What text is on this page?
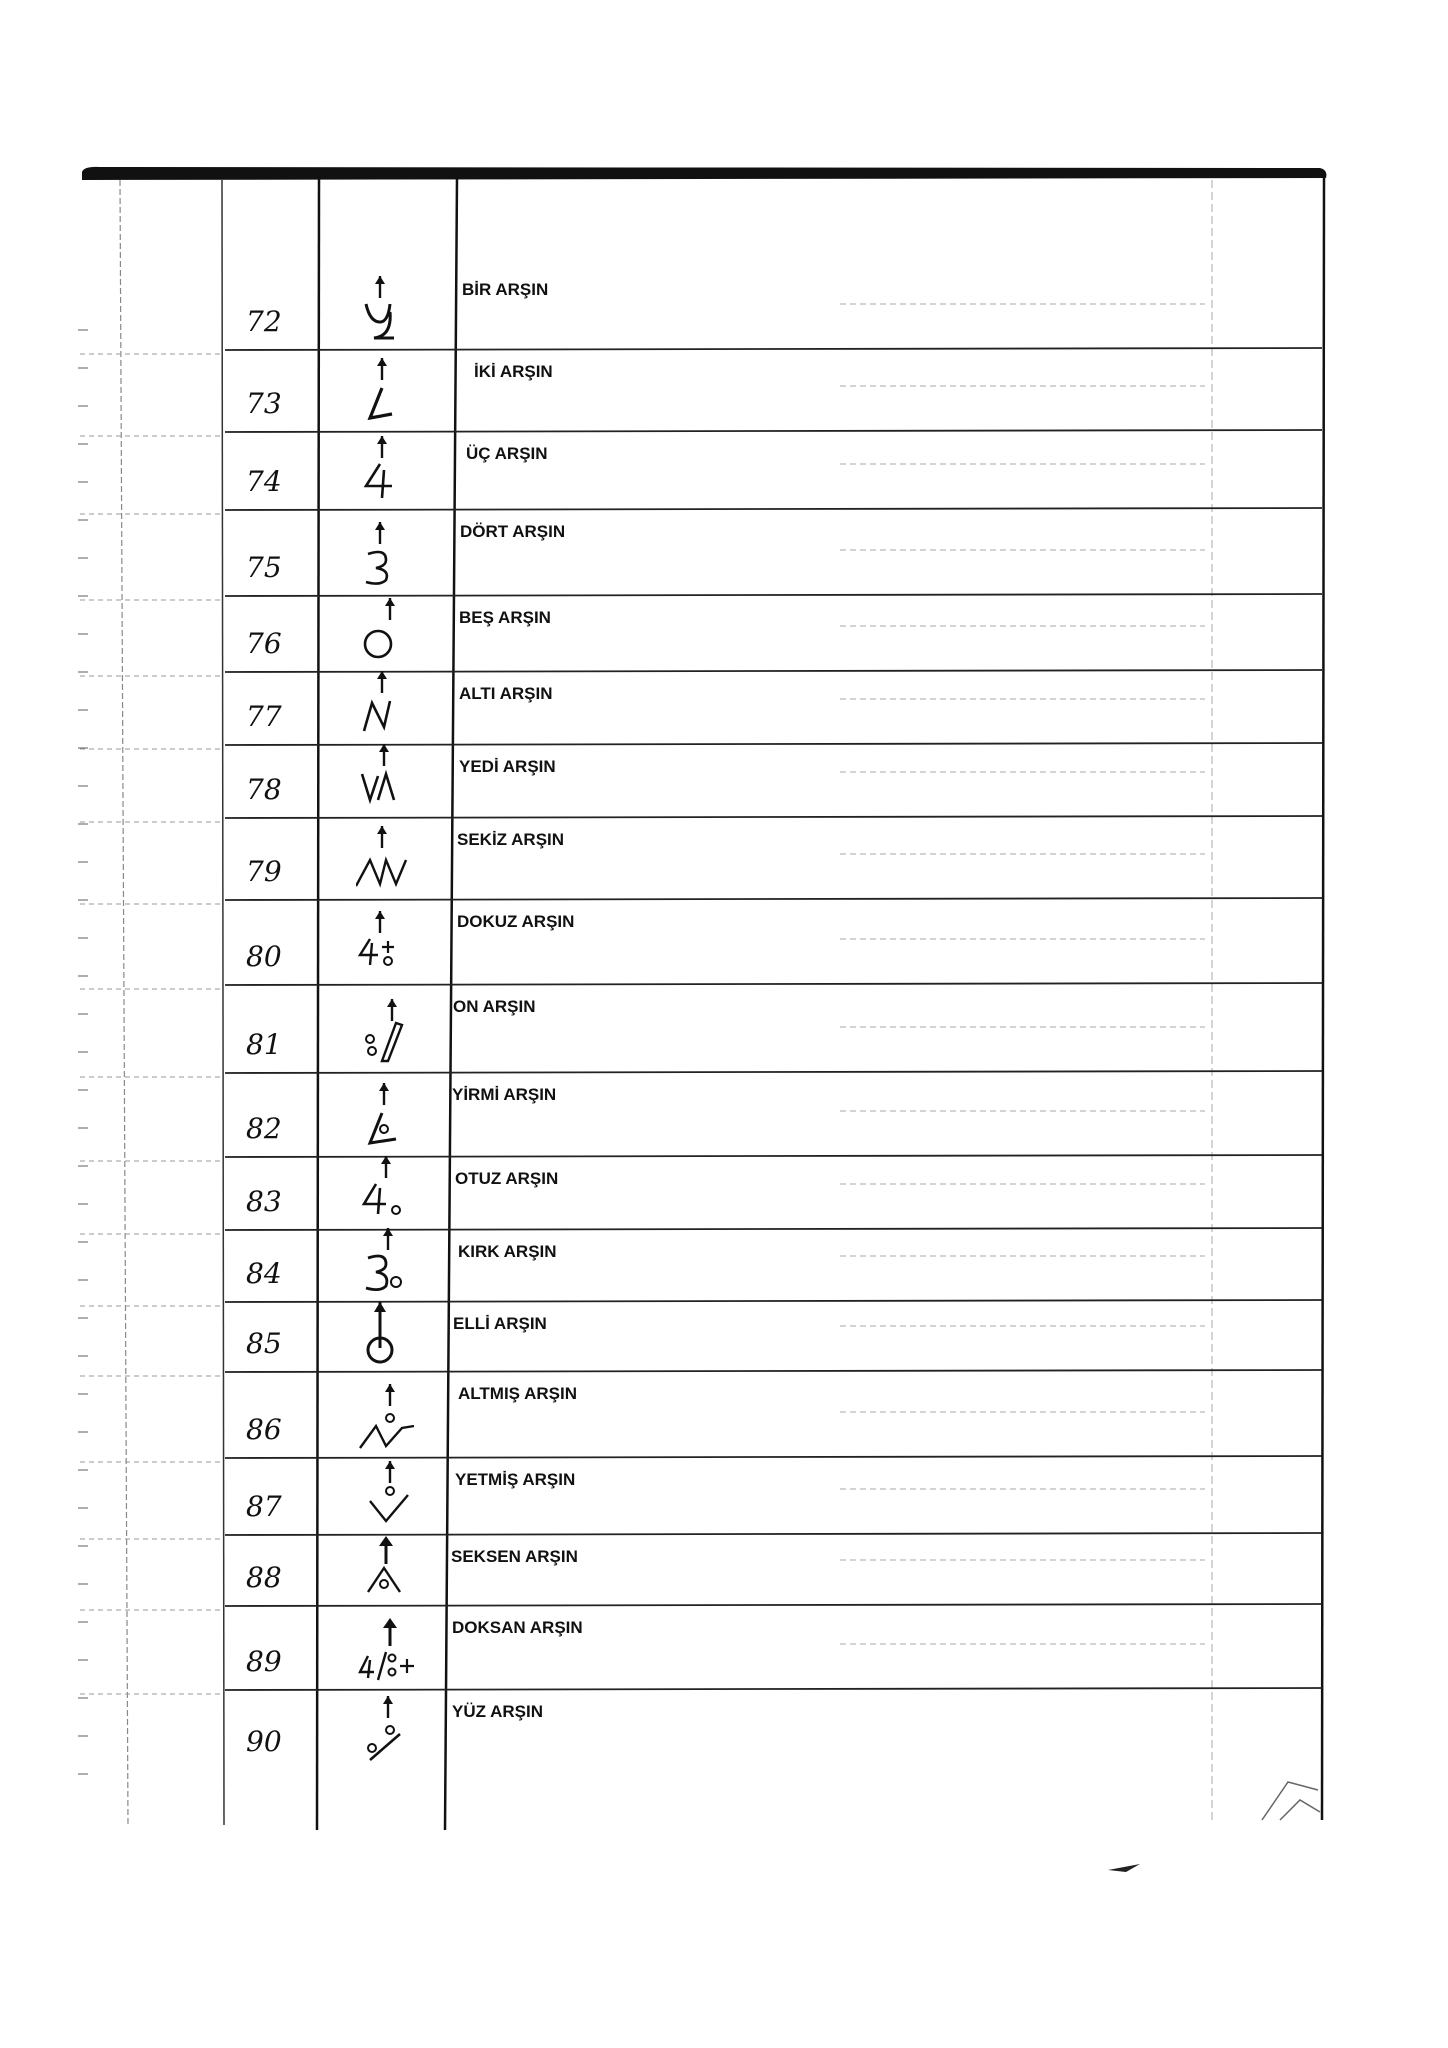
72
BİR ARŞIN
73
İKİ ARŞIN
74
ÜÇ ARŞIN
75
DÖRT ARŞIN
76
BEŞ ARŞIN
77
ALTI ARŞIN
78
YEDİ ARŞIN
79
SEKİZ ARŞIN
80
DOKUZ ARŞIN
81
ON ARŞIN
82
YİRMİ ARŞIN
83
OTUZ ARŞIN
84
KIRK ARŞIN
85
ELLİ ARŞIN
86
ALTMIŞ ARŞIN
87
YETMİŞ ARŞIN
88
SEKSEN ARŞIN
89
DOKSAN ARŞIN
90
YÜZ ARŞIN
